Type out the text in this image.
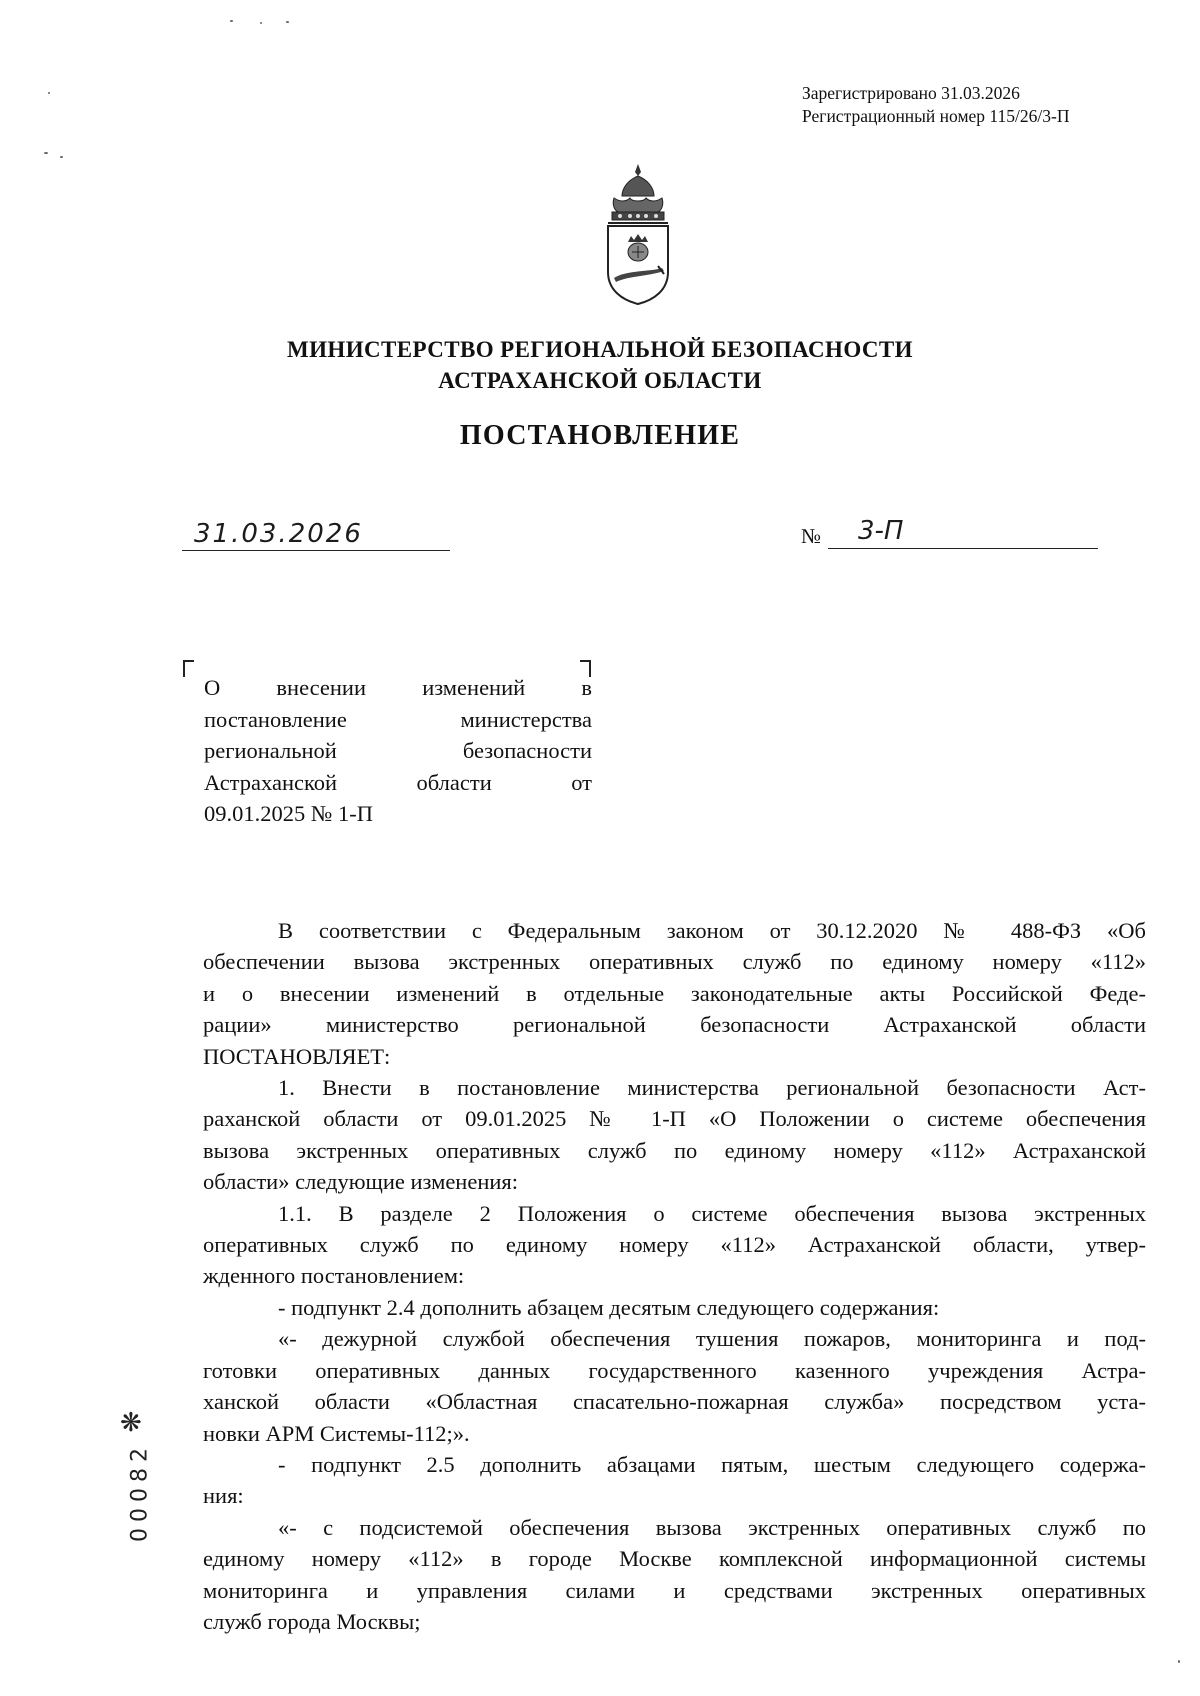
Зарегистрировано 31.03.2026
Регистрационный номер 115/26/3-П
МИНИСТЕРСТВО РЕГИОНАЛЬНОЙ БЕЗОПАСНОСТИ
АСТРАХАНСКОЙ ОБЛАСТИ
ПОСТАНОВЛЕНИЕ
31.03.2026	№	3-П
О внесении изменений в
постановление министерства
региональной безопасности
Астраханской области от
09.01.2025 № 1-П
В соответствии с Федеральным законом от 30.12.2020 № 488-ФЗ «Об
обеспечении вызова экстренных оперативных служб по единому номеру «112»
и о внесении изменений в отдельные законодательные акты Российской Феде-
рации» министерство региональной безопасности Астраханской области
ПОСТАНОВЛЯЕТ:
1. Внести в постановление министерства региональной безопасности Аст-
раханской области от 09.01.2025 № 1-П «О Положении о системе обеспечения
вызова экстренных оперативных служб по единому номеру «112» Астраханской
области» следующие изменения:
1.1. В разделе 2 Положения о системе обеспечения вызова экстренных
оперативных служб по единому номеру «112» Астраханской области, утвер-
жденного постановлением:
- подпункт 2.4 дополнить абзацем десятым следующего содержания:
«- дежурной службой обеспечения тушения пожаров, мониторинга и под-
готовки оперативных данных государственного казенного учреждения Астра-
ханской области «Областная спасательно-пожарная служба» посредством уста-
новки АРМ Системы-112;».
- подпункт 2.5 дополнить абзацами пятым, шестым следующего содержа-
ния:
«- с подсистемой обеспечения вызова экстренных оперативных служб по
единому номеру «112» в городе Москве комплексной информационной системы
мониторинга и управления силами и средствами экстренных оперативных
служб города Москвы;
❋
00082
